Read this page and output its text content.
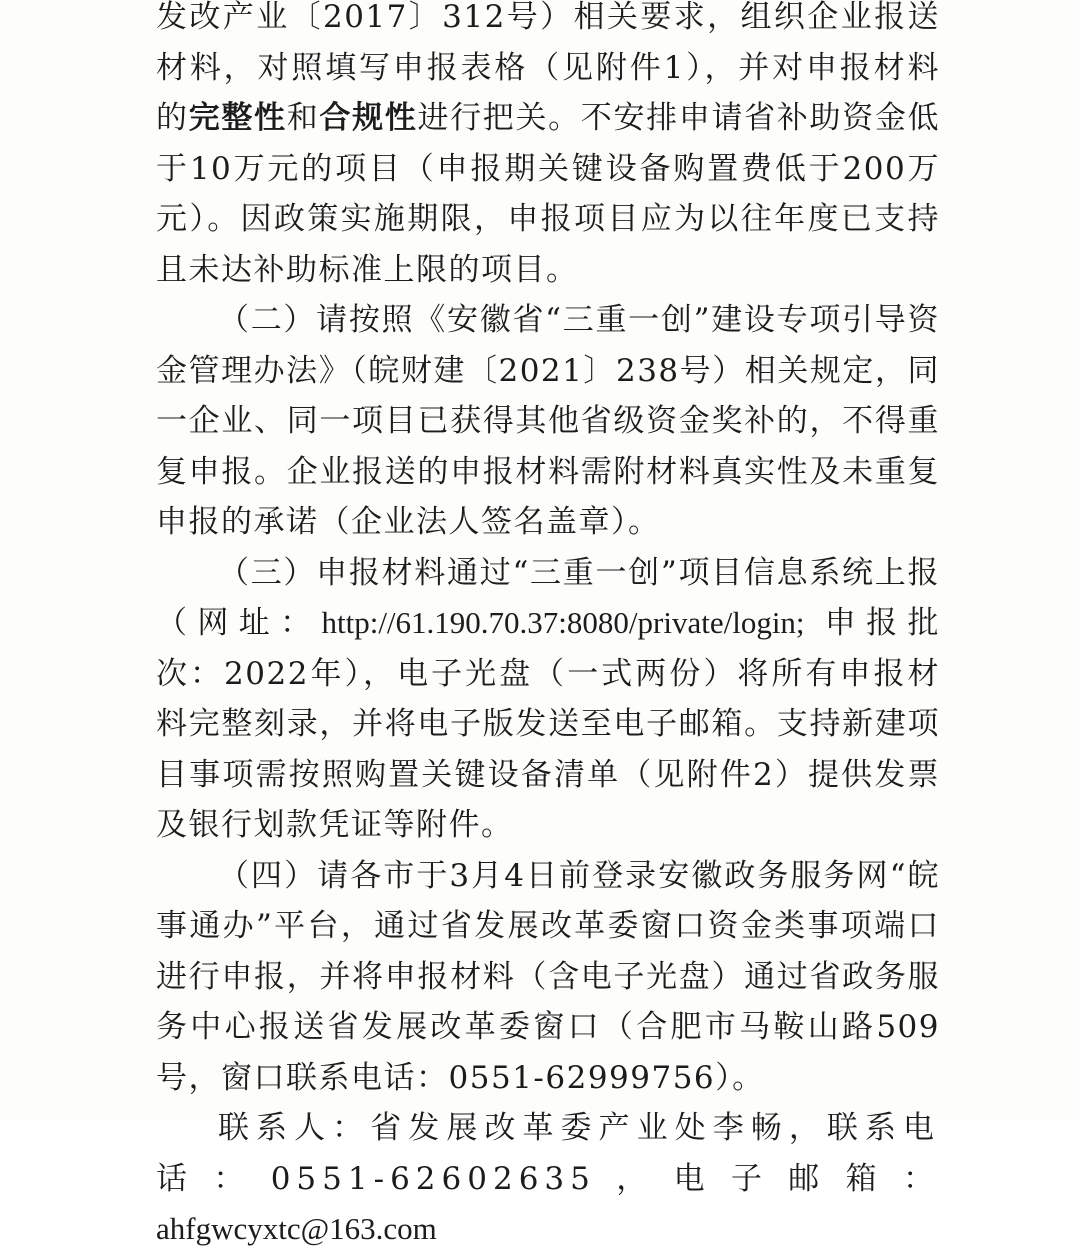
发改产业〔2017〕312号）相关要求，组织企业报送材料，对照填写申报表格（见附件1），并对申报材料的完整性和合规性进行把关。不安排申请省补助资金低于10万元的项目（申报期关键设备购置费低于200万元）。因政策实施期限，申报项目应为以往年度已支持且未达补助标准上限的项目。

（二）请按照《安徽省“三重一创”建设专项引导资金管理办法》（皖财建〔2021〕238号）相关规定，同一企业、同一项目已获得其他省级资金奖补的，不得重复申报。企业报送的申报材料需附材料真实性及未重复申报的承诺（企业法人签名盖章）。

（三）申报材料通过“三重一创”项目信息系统上报（网址：http://61.190.70.37:8080/private/login; 申报批次：2022年），电子光盘（一式两份）将所有申报材料完整刻录，并将电子版发送至电子邮箱。支持新建项目事项需按照购置关键设备清单（见附件2）提供发票及银行划款凭证等附件。

（四）请各市于3月4日前登录安徽政务服务网“皖事通办”平台，通过省发展改革委窗口资金类事项端口进行申报，并将申报材料（含电子光盘）通过省政务服务中心报送省发展改革委窗口（合肥市马鞍山路509号，窗口联系电话：0551-62999756）。

联系人：省发展改革委产业处李畅，联系电话：0551-62602635，电子邮箱：ahfgwcyxtc@163.com
